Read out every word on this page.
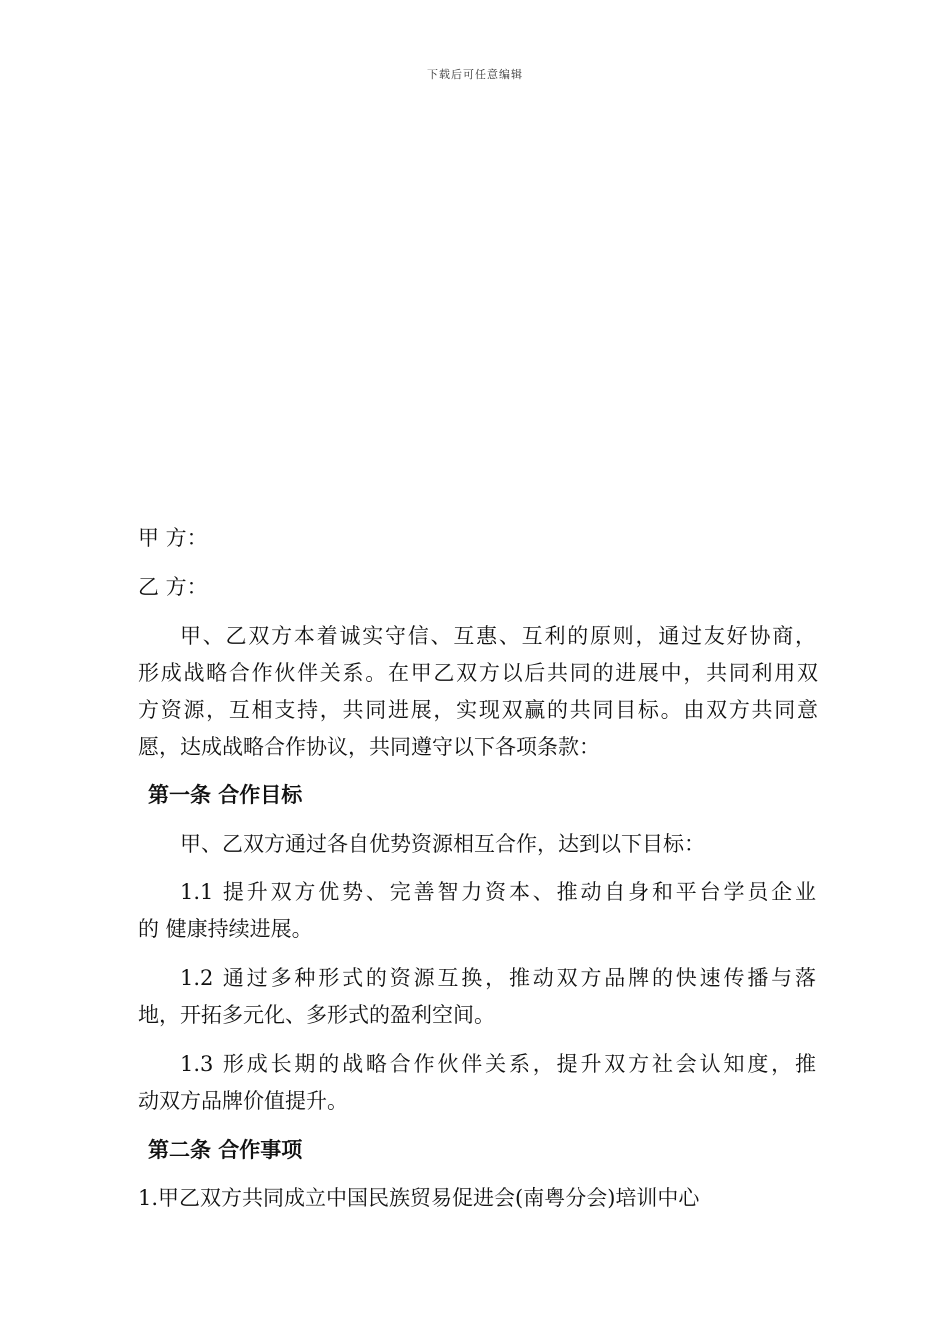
下载后可任意编辑
甲 方：
乙 方：
甲、乙双方本着诚实守信、互惠、互利的原则，通过友好协商，
形成战略合作伙伴关系。在甲乙双方以后共同的进展中，共同利用双
方资源，互相支持，共同进展，实现双赢的共同目标。由双方共同意
愿，达成战略合作协议，共同遵守以下各项条款：
第一条 合作目标
甲、乙双方通过各自优势资源相互合作，达到以下目标：
1.1 提升双方优势、完善智力资本、推动自身和平台学员企业
的 健康持续进展。
1.2 通过多种形式的资源互换，推动双方品牌的快速传播与落
地，开拓多元化、多形式的盈利空间。
1.3 形成长期的战略合作伙伴关系，提升双方社会认知度，推
动双方品牌价值提升。
第二条 合作事项
1.甲乙双方共同成立中国民族贸易促进会(南粤分会)培训中心
